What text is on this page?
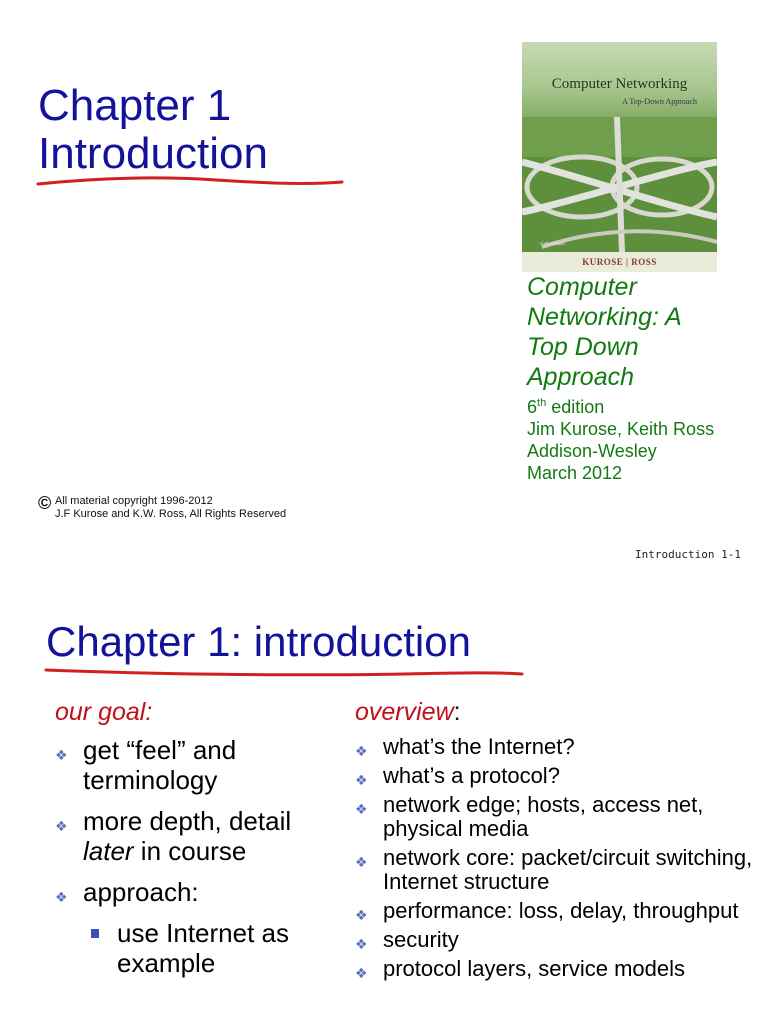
Chapter 1
Introduction
Computer Networking
A Top-Down Approach
sixth edition
KUROSE | ROSS
Computer
Networking: A
Top Down
Approach
6th edition
Jim Kurose, Keith Ross
Addison-Wesley
March 2012
© All material copyright 1996-2012
J.F Kurose and K.W. Ross, All Rights Reserved
Introduction 1-1
Chapter 1: introduction
our goal:
❖ get “feel” and terminology
❖ more depth, detail
later in course
❖ approach:
use Internet as example
overview:
❖ what’s the Internet?
❖ what’s a protocol?
❖ network edge; hosts, access net, physical media
❖ network core: packet/circuit switching, Internet structure
❖ performance: loss, delay, throughput
❖ security
❖ protocol layers, service models
